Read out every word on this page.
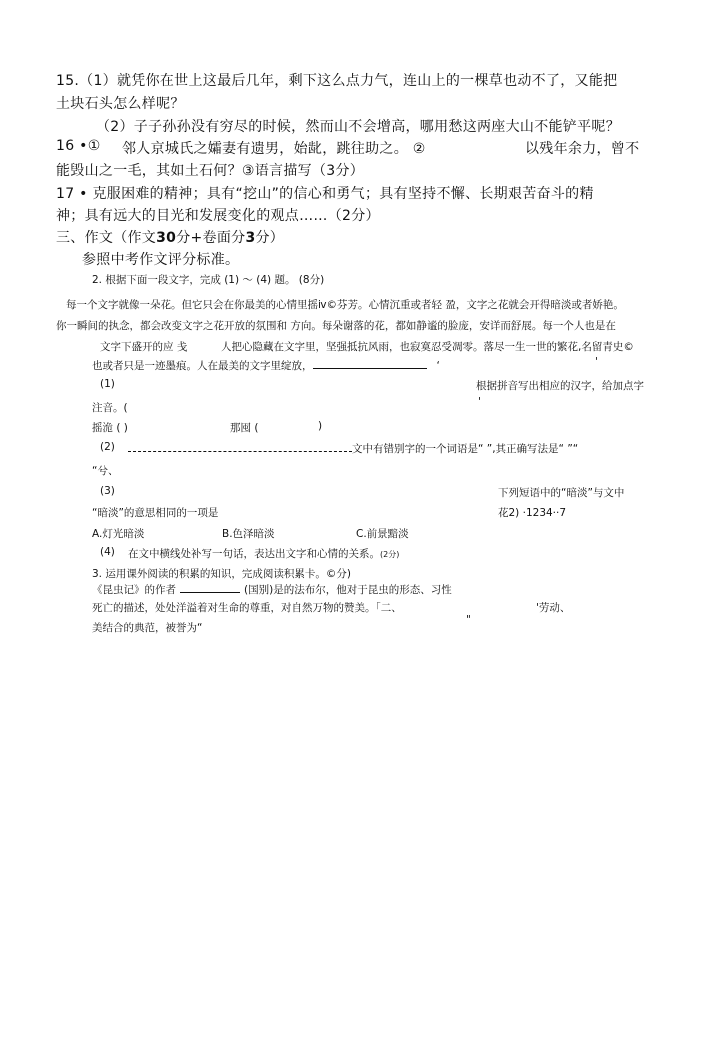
15.（1）就凭你在世上这最后几年，剩下这么点力气，连山上的一棵草也动不了，又能把
土块石头怎么样呢？
（2）子子孙孙没有穷尽的时候，然而山不会增高，哪用愁这两座大山不能铲平呢？
16 •① 邻人京城氏之孀妻有遗男，始龀，跳往助之。 ②	以残年余力，曾不
能毁山之一毛，其如土石何？③语言描写（3分）
17 • 克服困难的精神；具有“挖山”的信心和勇气；具有坚持不懈、长期艰苦奋斗的精
神；具有远大的目光和发展变化的观点……（2分）
三、作文（作文30分+卷面分3分）
参照中考作文评分标准。
2. 根据下面一段文字，完成 (1) ～ (4) 题。 (8分)
每一个文字就像一朵花。但它只会在你最美的心情里摇ⅳ©芬芳。心情沉重或者轻 盈，文字之花就会开得暗淡或者娇艳。
你一瞬间的执念，都会改变文字之花开放的氛围和 方向。每朵谢落的花，都如静谧的脸庞，安详而舒展。每一个人也是在
文字下盛开的应 戋	人把心隐藏在文字里，坚强抵抗风雨，也寂寞忍受凋零。落尽一生一世的繁花,名留青史©
也或者只是一迹墨痕。人在最美的文字里绽放，	‘	'
(1)	根据拼音写出相应的汉字，给加点字
注音。(	'
摇洈 ( )	那囤 (	)
(2)	文中有错别字的一个词语是“ ”,其正确写法是“ ”“
“兮、
(3)	下列短语中的“暗淡”与文中
“暗淡”的意思相同的一项是	花2) ·1234··7
A.灯光暗淡	B.色泽暗淡	C.前景黯淡
(4) 在文中横线处补写一句话，表达出文字和心情的关系。(2分)
3. 运用课外阅读的积累的知识，完成阅读积累卡。©分)
《昆虫记》的作者	(国别)是的法布尔，他对于昆虫的形态、习性
死亡的描述，处处洋溢着对生命的尊重，对自然万物的赞美。「二、	'劳动、
美结合的典范，被誉为“
"
